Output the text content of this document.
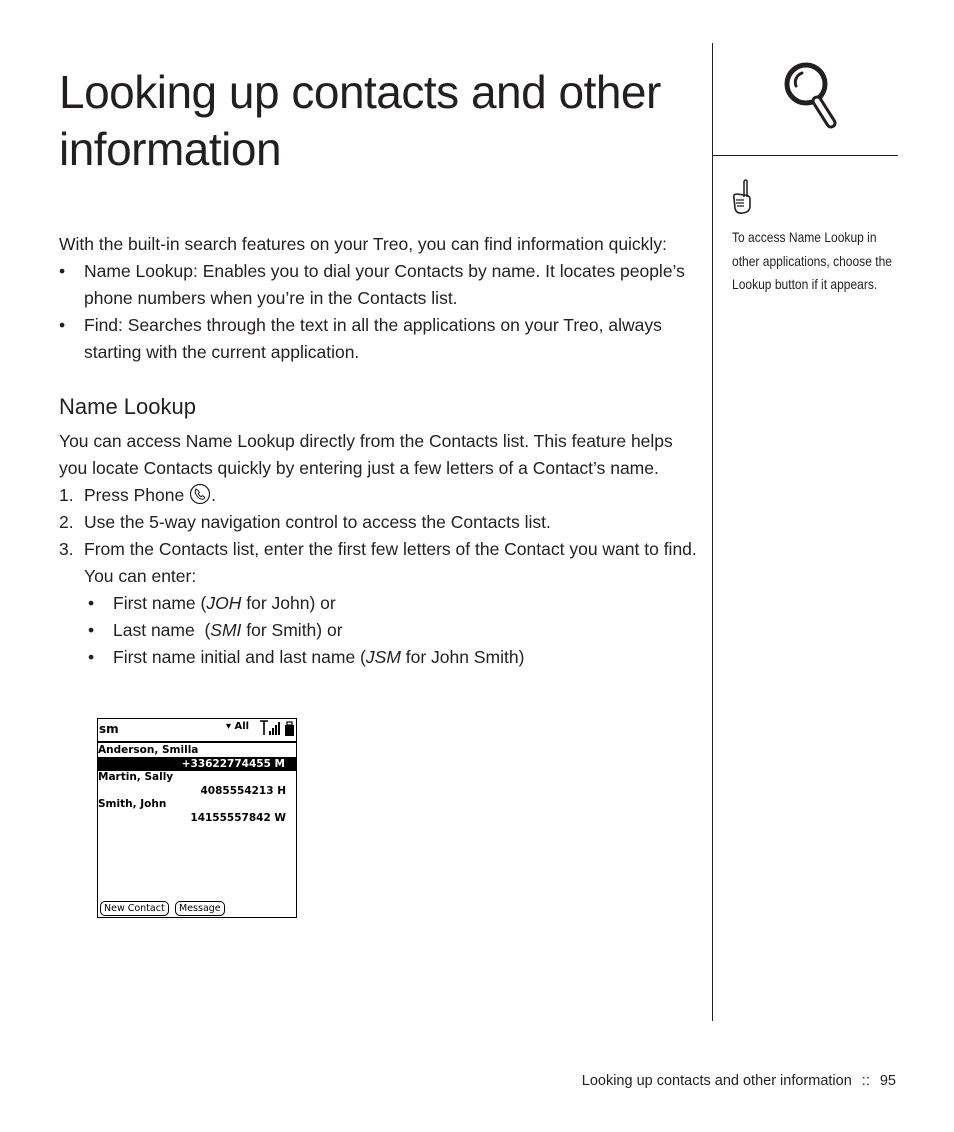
Looking up contacts and other information
With the built-in search features on your Treo, you can find information quickly:
• Name Lookup: Enables you to dial your Contacts by name. It locates people’s phone numbers when you’re in the Contacts list.
• Find: Searches through the text in all the applications on your Treo, always starting with the current application.
Name Lookup
You can access Name Lookup directly from the Contacts list. This feature helps you locate Contacts quickly by entering just a few letters of a Contact’s name.
1. Press Phone .
2. Use the 5-way navigation control to access the Contacts list.
3. From the Contacts list, enter the first few letters of the Contact you want to find. You can enter:
• First name (JOH for John) or
• Last name  (SMI for Smith) or
• First name initial and last name (JSM for John Smith)
sm	▾ All
Anderson, Smilla
+33622774455 M
Martin, Sally
4085554213 H
Smith, John
14155557842 W
New Contact	Message
To access Name Lookup in other applications, choose the Lookup button if it appears.
Looking up contacts and other information :: 95
